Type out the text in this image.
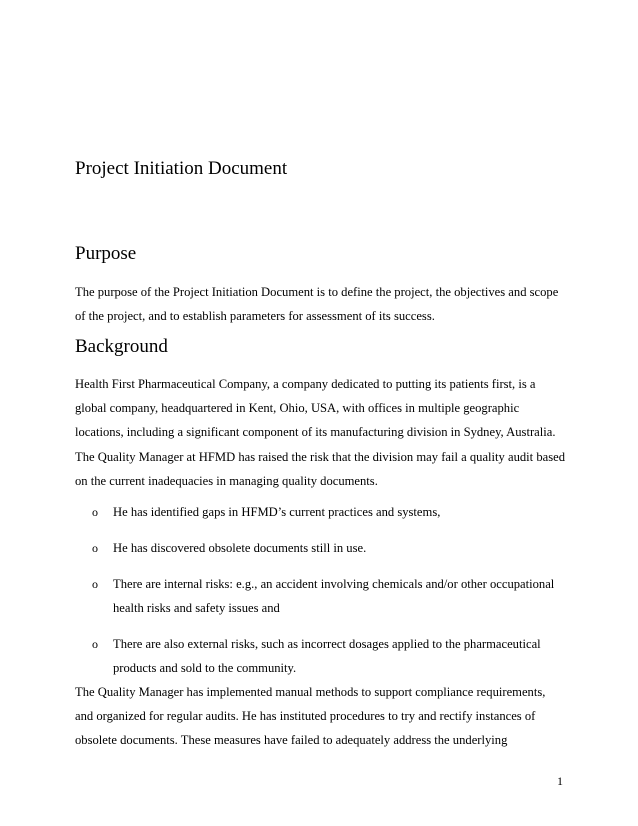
Project Initiation Document
Purpose

The purpose of the Project Initiation Document is to define the project, the objectives and scope
of the project, and to establish parameters for assessment of its success.

Background

Health First Pharmaceutical Company, a company dedicated to putting its patients first, is a
global company, headquartered in Kent, Ohio, USA, with offices in multiple geographic
locations, including a significant component of its manufacturing division in Sydney, Australia.

The Quality Manager at HFMD has raised the risk that the division may fail a quality audit based
on the current inadequacies in managing quality documents.

o He has identified gaps in HFMD’s current practices and systems,
o He has discovered obsolete documents still in use.
o There are internal risks: e.g., an accident involving chemicals and/or other occupational
health risks and safety issues and
o There are also external risks, such as incorrect dosages applied to the pharmaceutical
products and sold to the community.

The Quality Manager has implemented manual methods to support compliance requirements,
and organized for regular audits. He has instituted procedures to try and rectify instances of
obsolete documents. These measures have failed to adequately address the underlying

1
